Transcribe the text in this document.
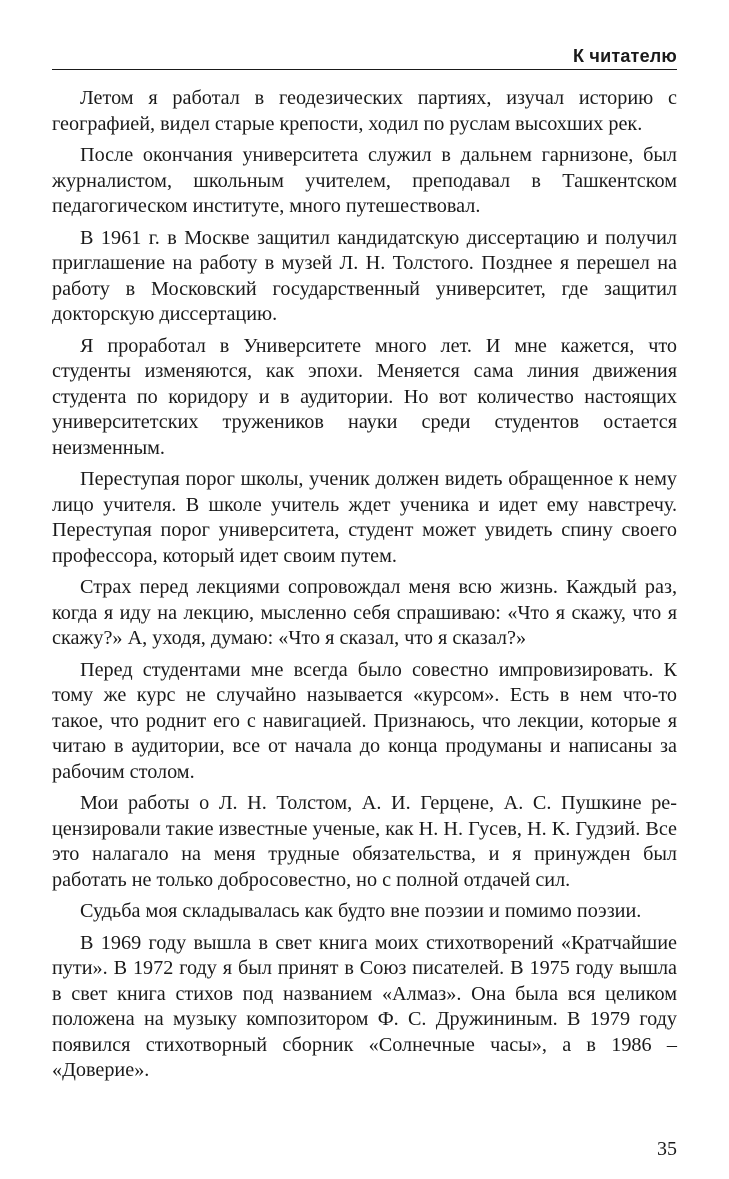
К читателю

Летом я работал в геодезических партиях, изучал историю с географией, видел старые крепости, ходил по руслам высохших рек.

После окончания университета служил в дальнем гарнизоне, был журналистом, школьным учителем, преподавал в Ташкентском педагогическом институте, много путешествовал.

В 1961 г. в Москве защитил кандидатскую диссертацию и получил приглашение на работу в музей Л. Н. Толстого. Позднее я перешел на работу в Московский государственный университет, где защитил докторскую диссертацию.

Я проработал в Университете много лет. И мне кажется, что студенты изменяются, как эпохи. Меняется сама линия движения студента по коридору и в аудитории. Но вот количество настоящих университетских тружеников науки среди студентов остается неизменным.

Переступая порог школы, ученик должен видеть обращенное к нему лицо учителя. В школе учитель ждет ученика и идет ему навстречу. Переступая порог университета, студент может увидеть спину своего профессора, который идет своим путем.

Страх перед лекциями сопровождал меня всю жизнь. Каждый раз, когда я иду на лекцию, мысленно себя спрашиваю: «Что я скажу, что я скажу?» А, уходя, думаю: «Что я сказал, что я сказал?»

Перед студентами мне всегда было совестно импровизировать. К тому же курс не случайно называется «курсом». Есть в нем что-то такое, что роднит его с навигацией. Признаюсь, что лекции, которые я читаю в аудитории, все от начала до конца продуманы и написаны за рабочим столом.

Мои работы о Л. Н. Толстом, А. И. Герцене, А. С. Пушкине рецензировали такие известные ученые, как Н. Н. Гусев, Н. К. Гудзий. Все это налагало на меня трудные обязательства, и я принужден был работать не только добросовестно, но с полной отдачей сил.

Судьба моя складывалась как будто вне поэзии и помимо поэзии.

В 1969 году вышла в свет книга моих стихотворений «Кратчайшие пути». В 1972 году я был принят в Союз писателей. В 1975 году вышла в свет книга стихов под названием «Алмаз». Она была вся целиком положена на музыку композитором Ф. С. Дружининым. В 1979 году появился стихотворный сборник «Солнечные часы», а в 1986 – «Доверие».

35
